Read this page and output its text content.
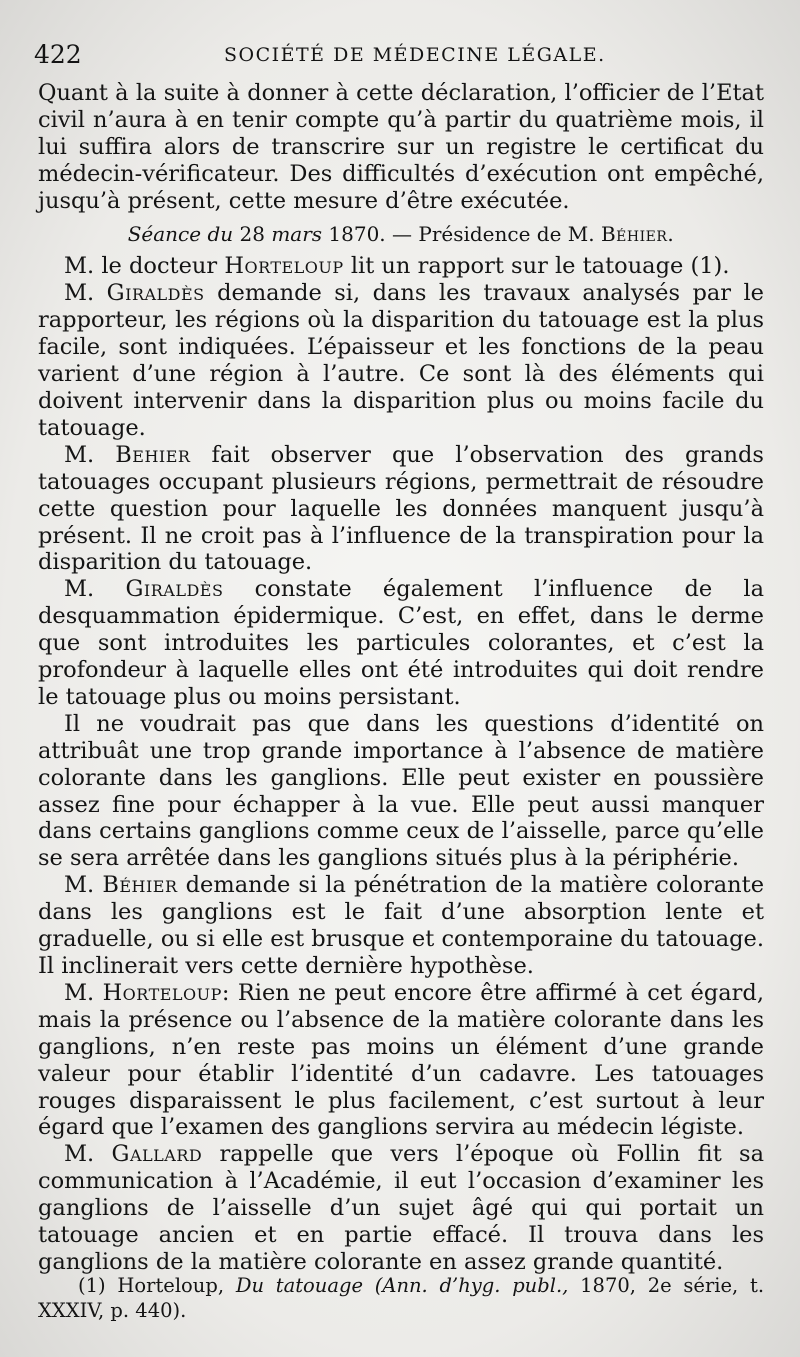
422	SOCIÉTÉ DE MÉDECINE LÉGALE.

Quant à la suite à donner à cette déclaration, l’officier de l’Etat civil n’aura à en tenir compte qu’à partir du quatrième mois, il lui suffira alors de transcrire sur un registre le certificat du médecin-vérificateur. Des difficultés d’exécution ont empêché, jusqu’à présent, cette mesure d’être exécutée.

Séance du 28 mars 1870. — Présidence de M. Béhier.

M. le docteur Horteloup lit un rapport sur le tatouage (1).

M. Giraldès demande si, dans les travaux analysés par le rapporteur, les régions où la disparition du tatouage est la plus facile, sont indiquées. L’épaisseur et les fonctions de la peau varient d’une région à l’autre. Ce sont là des éléments qui doivent intervenir dans la disparition plus ou moins facile du tatouage.

M. Behier fait observer que l’observation des grands tatouages occupant plusieurs régions, permettrait de résoudre cette question pour laquelle les données manquent jusqu’à présent. Il ne croit pas à l’influence de la transpiration pour la disparition du tatouage.

M. Giraldès constate également l’influence de la desquammation épidermique. C’est, en effet, dans le derme que sont introduites les particules colorantes, et c’est la profondeur à laquelle elles ont été introduites qui doit rendre le tatouage plus ou moins persistant.

Il ne voudrait pas que dans les questions d’identité on attribuât une trop grande importance à l’absence de matière colorante dans les ganglions. Elle peut exister en poussière assez fine pour échapper à la vue. Elle peut aussi manquer dans certains ganglions comme ceux de l’aisselle, parce qu’elle se sera arrêtée dans les ganglions situés plus à la périphérie.

M. Béhier demande si la pénétration de la matière colorante dans les ganglions est le fait d’une absorption lente et graduelle, ou si elle est brusque et contemporaine du tatouage. Il inclinerait vers cette dernière hypothèse.

M. Horteloup: Rien ne peut encore être affirmé à cet égard, mais la présence ou l’absence de la matière colorante dans les ganglions, n’en reste pas moins un élément d’une grande valeur pour établir l’identité d’un cadavre. Les tatouages rouges disparaissent le plus facilement, c’est surtout à leur égard que l’examen des ganglions servira au médecin légiste.

M. Gallard rappelle que vers l’époque où Follin fit sa communication à l’Académie, il eut l’occasion d’examiner les ganglions de l’aisselle d’un sujet âgé qui qui portait un tatouage ancien et en partie effacé. Il trouva dans les ganglions de la matière colorante en assez grande quantité.

(1) Horteloup, Du tatouage (Ann. d’hyg. publ., 1870, 2e série, t. XXXIV, p. 440).
